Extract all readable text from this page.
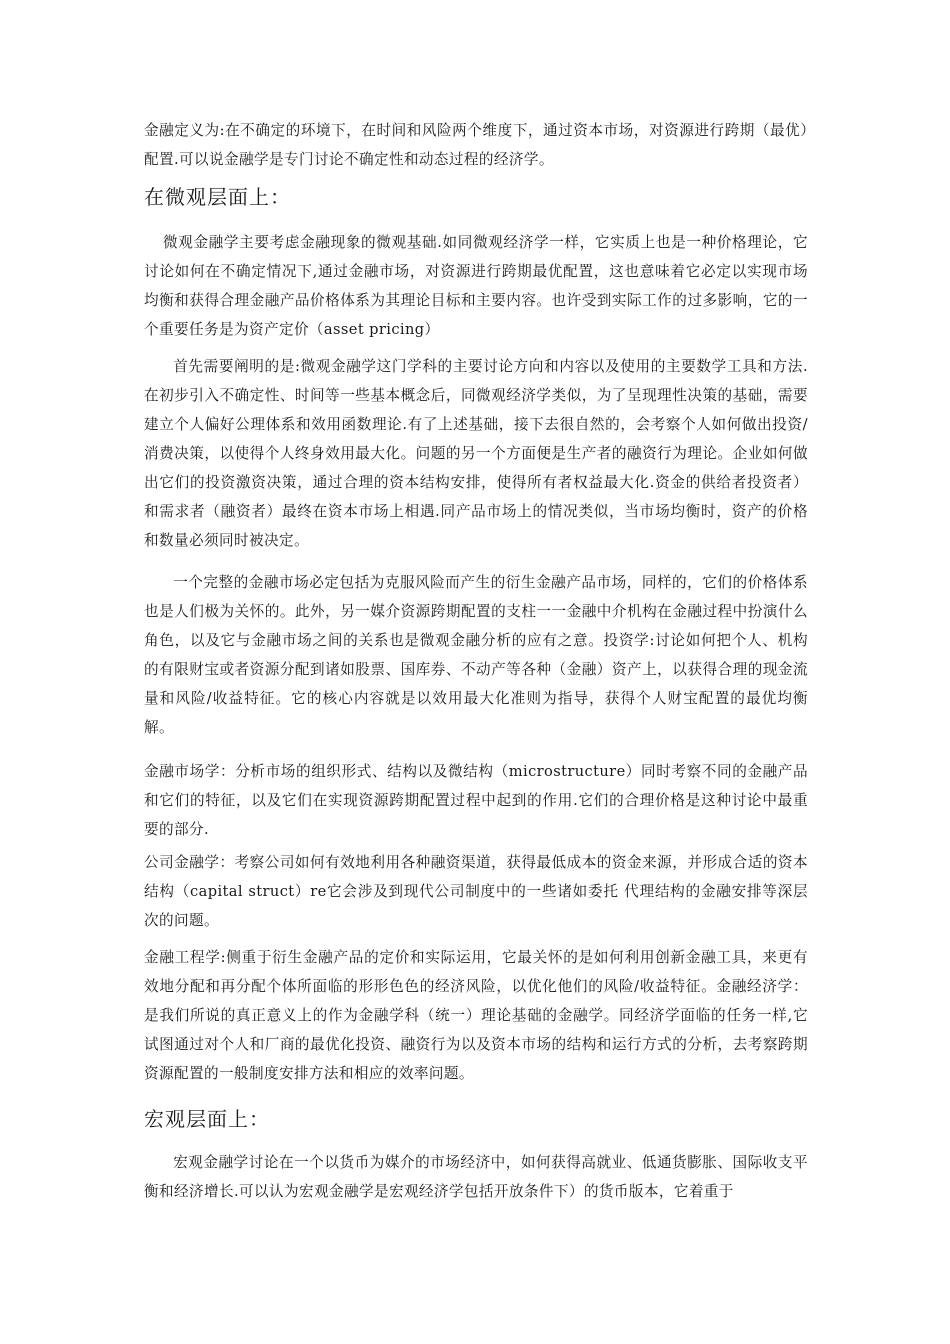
金融定义为:在不确定的环境下，在时间和风险两个维度下，通过资本市场，对资源进行跨期（最优）配置.可以说金融学是专门讨论不确定性和动态过程的经济学。

在微观层面上：

微观金融学主要考虑金融现象的微观基础.如同微观经济学一样，它实质上也是一种价格理论，它讨论如何在不确定情况下,通过金融市场，对资源进行跨期最优配置，这也意味着它必定以实现市场均衡和获得合理金融产品价格体系为其理论目标和主要内容。也许受到实际工作的过多影响，它的一个重要任务是为资产定价（asset pricing）

首先需要阐明的是:微观金融学这门学科的主要讨论方向和内容以及使用的主要数学工具和方法.在初步引入不确定性、时间等一些基本概念后，同微观经济学类似，为了呈现理性决策的基础，需要建立个人偏好公理体系和效用函数理论.有了上述基础，接下去很自然的，会考察个人如何做出投资/消费决策，以使得个人终身效用最大化。问题的另一个方面便是生产者的融资行为理论。企业如何做出它们的投资激资决策，通过合理的资本结构安排，使得所有者权益最大化.资金的供给者投资者）和需求者（融资者）最终在资本市场上相遇.同产品市场上的情况类似，当市场均衡时，资产的价格和数量必须同时被决定。

一个完整的金融市场必定包括为克服风险而产生的衍生金融产品市场，同样的，它们的价格体系也是人们极为关怀的。此外，另一媒介资源跨期配置的支柱一一金融中介机构在金融过程中扮演什么角色，以及它与金融市场之间的关系也是微观金融分析的应有之意。投资学:讨论如何把个人、机构的有限财宝或者资源分配到诸如股票、国库券、不动产等各种（金融）资产上，以获得合理的现金流量和风险/收益特征。它的核心内容就是以效用最大化准则为指导，获得个人财宝配置的最优均衡解。

金融市场学：分析市场的组织形式、结构以及微结构（microstructure）同时考察不同的金融产品和它们的特征，以及它们在实现资源跨期配置过程中起到的作用.它们的合理价格是这种讨论中最重要的部分.

公司金融学：考察公司如何有效地利用各种融资渠道，获得最低成本的资金来源，并形成合适的资本结构（capital struct）re它会涉及到现代公司制度中的一些诸如委托 代理结构的金融安排等深层次的问题。

金融工程学:侧重于衍生金融产品的定价和实际运用，它最关怀的是如何利用创新金融工具，来更有效地分配和再分配个体所面临的形形色色的经济风险，以优化他们的风险/收益特征。金融经济学：是我们所说的真正意义上的作为金融学科（统一）理论基础的金融学。同经济学面临的任务一样,它试图通过对个人和厂商的最优化投资、融资行为以及资本市场的结构和运行方式的分析，去考察跨期资源配置的一般制度安排方法和相应的效率问题。

宏观层面上：

宏观金融学讨论在一个以货币为媒介的市场经济中，如何获得高就业、低通货膨胀、国际收支平衡和经济增长.可以认为宏观金融学是宏观经济学包括开放条件下）的货币版本，它着重于
